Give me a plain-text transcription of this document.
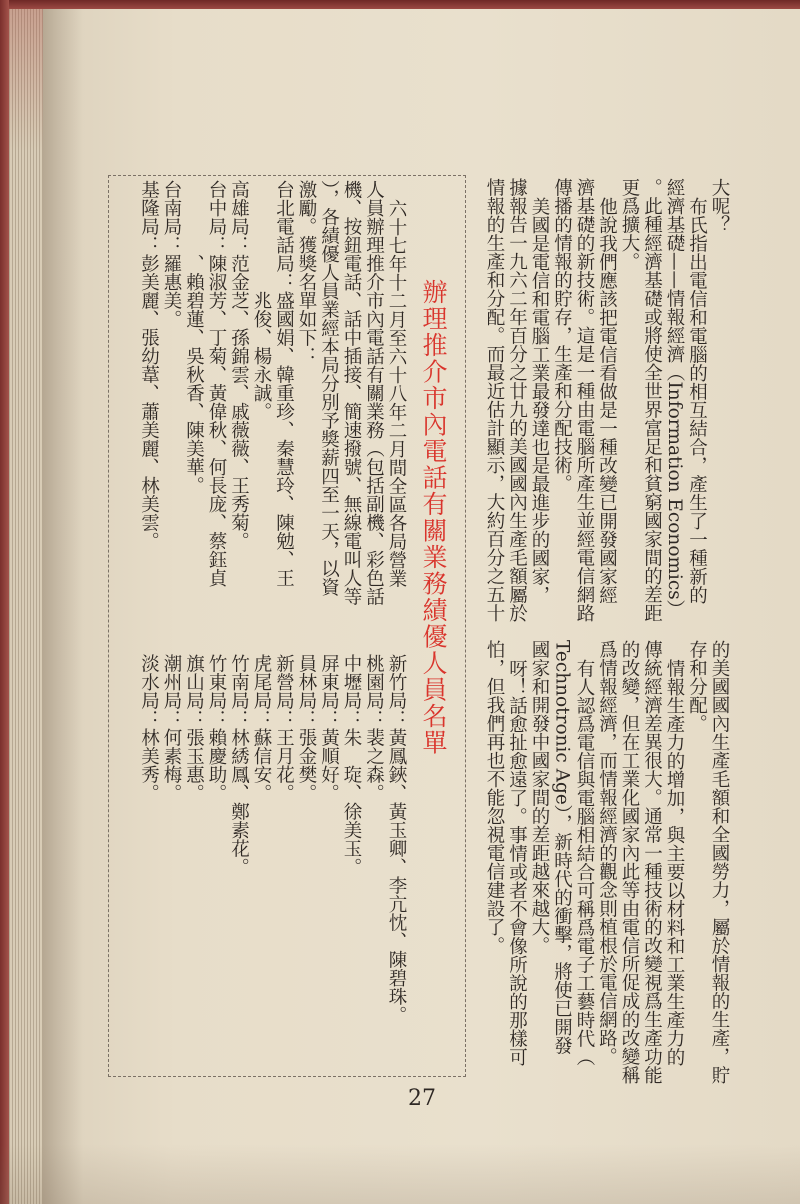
大呢？
布氏指出電信和電腦的相互結合，產生了一種新的
經濟基礎——情報經濟（Information Economics）
。此種經濟基礎或將使全世界富足和貧窮國家間的差距
更爲擴大。
他說我們應該把電信看做是一種改變已開發國家經
濟基礎的新技術。這是一種由電腦所產生並經電信網路
傳播的情報的貯存，生產和分配技術。
美國是電信和電腦工業最發達也是最進步的國家，
據報告一九六二年百分之廿九的美國國內生產毛額屬於
情報的生產和分配。而最近估計顯示，大約百分之五十
的美國國內生產毛額和全國勞力，屬於情報的生產，貯
存和分配。
情報生產力的增加，與主要以材料和工業生產力的
傳統經濟差異很大。通常一種技術的改變視爲生產功能
的改變，但在工業化國家內此等由電信所促成的改變稱
爲情報經濟，而情報經濟的觀念則植根於電信網路。
有人認爲電信與電腦相結合可稱爲電子工藝時代（
Technotronic Age），新時代的衝擊，將使已開發
國家和開發中國家間的差距越來越大。
呀！話愈扯愈遠了。事情或者不會像所說的那樣可
怕，但我們再也不能忽視電信建設了。
辦理推介市內電話有關業務績優人員名單
六十七年十二月至六十八年二月間全區各局營業
人員辦理推介市內電話有關業務（包括副機、彩色話
機、按鈕電話、話中插接、簡速撥號、無線電叫人等
），各績優人員業經本局分別予獎薪四至一天，以資
激勵。獲獎名單如下：
台北電話局：盛國娟、韓重珍、秦慧玲、陳勉、王
兆俊、楊永誠。
高雄局：范金芝、孫錦雲、戚薇薇、王秀菊。
台中局：陳淑芳、丁菊、黃偉秋、何長庞、蔡鈺貞
、賴碧蓮、吳秋香、陳美華。
台南局：羅惠美。
基隆局：彭美麗、張幼葦、蕭美麗、林美雲。
新竹局：黃鳳鋏、黃玉卿、李亢忱、陳碧珠。
桃園局：裴之森。
中壢局：朱　琁、徐美玉。
屏東局：黃順好。
員林局：張金樊。
新營局：王月花。
虎尾局：蘇信安。
竹南局：林綉鳳、鄭素花。
竹東局：賴慶助。
旗山局：張玉惠。
潮州局：何素梅。
淡水局：林美秀。
27
